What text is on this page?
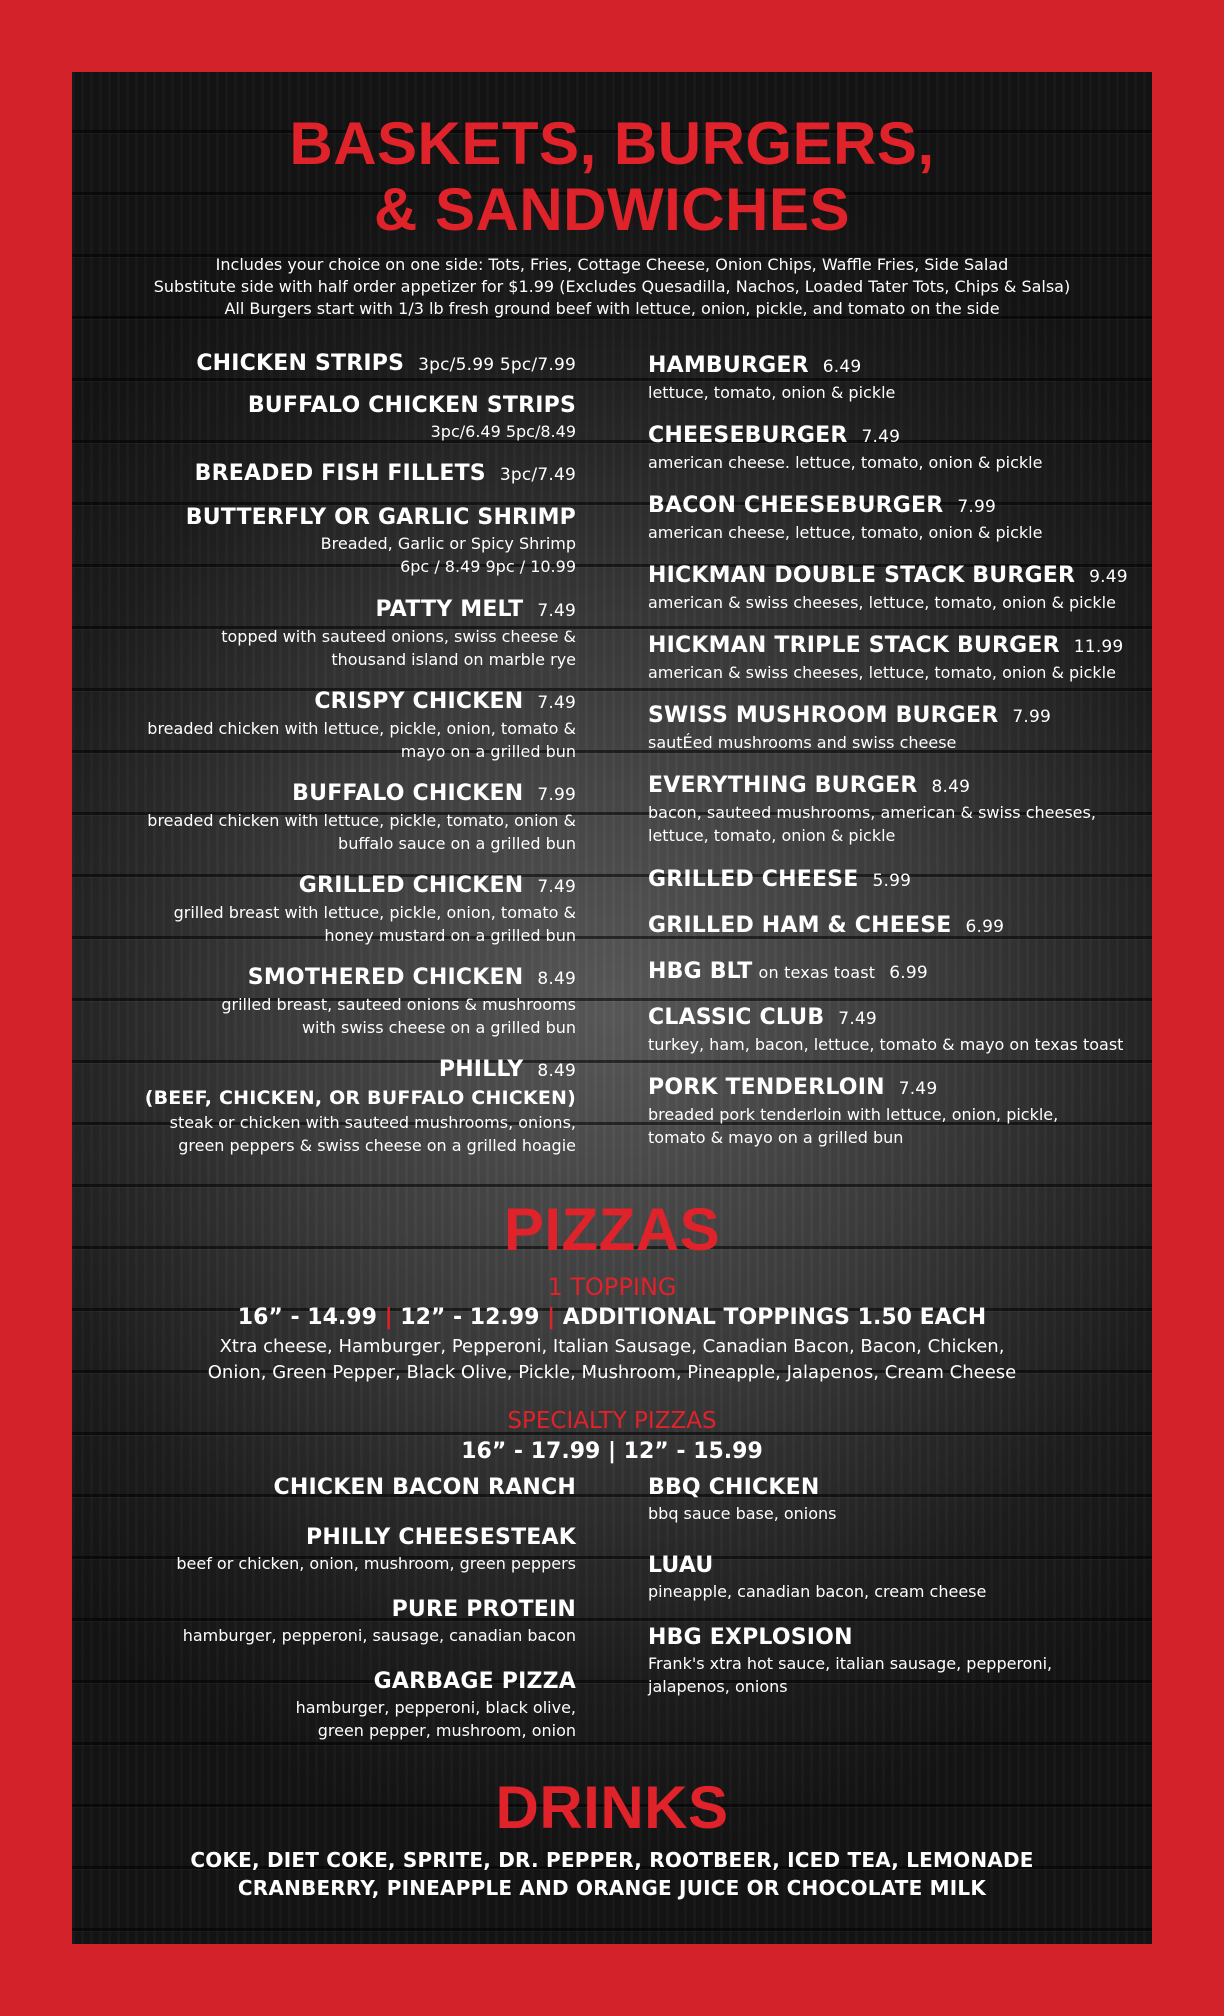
BASKETS, BURGERS,
& SANDWICHES
Includes your choice on one side: Tots, Fries, Cottage Cheese, Onion Chips, Waffle Fries, Side Salad
Substitute side with half order appetizer for $1.99 (Excludes Quesadilla, Nachos, Loaded Tater Tots, Chips & Salsa)
All Burgers start with 1/3 lb fresh ground beef with lettuce, onion, pickle, and tomato on the side
CHICKEN STRIPS 3pc/5.99 5pc/7.99
BUFFALO CHICKEN STRIPS
3pc/6.49 5pc/8.49
BREADED FISH FILLETS 3pc/7.49
BUTTERFLY OR GARLIC SHRIMP
Breaded, Garlic or Spicy Shrimp
6pc / 8.49 9pc / 10.99
PATTY MELT 7.49
topped with sauteed onions, swiss cheese &
thousand island on marble rye
CRISPY CHICKEN 7.49
breaded chicken with lettuce, pickle, onion, tomato &
mayo on a grilled bun
BUFFALO CHICKEN 7.99
breaded chicken with lettuce, pickle, tomato, onion &
buffalo sauce on a grilled bun
GRILLED CHICKEN 7.49
grilled breast with lettuce, pickle, onion, tomato &
honey mustard on a grilled bun
SMOTHERED CHICKEN 8.49
grilled breast, sauteed onions & mushrooms
with swiss cheese on a grilled bun
PHILLY 8.49
(BEEF, CHICKEN, OR BUFFALO CHICKEN)
steak or chicken with sauteed mushrooms, onions,
green peppers & swiss cheese on a grilled hoagie
HAMBURGER 6.49
lettuce, tomato, onion & pickle
CHEESEBURGER 7.49
american cheese. lettuce, tomato, onion & pickle
BACON CHEESEBURGER 7.99
american cheese, lettuce, tomato, onion & pickle
HICKMAN DOUBLE STACK BURGER 9.49
american & swiss cheeses, lettuce, tomato, onion & pickle
HICKMAN TRIPLE STACK BURGER 11.99
american & swiss cheeses, lettuce, tomato, onion & pickle
SWISS MUSHROOM BURGER 7.99
sautÉed mushrooms and swiss cheese
EVERYTHING BURGER 8.49
bacon, sauteed mushrooms, american & swiss cheeses,
lettuce, tomato, onion & pickle
GRILLED CHEESE 5.99
GRILLED HAM & CHEESE 6.99
HBG BLT on texas toast 6.99
CLASSIC CLUB 7.49
turkey, ham, bacon, lettuce, tomato & mayo on texas toast
PORK TENDERLOIN 7.49
breaded pork tenderloin with lettuce, onion, pickle,
tomato & mayo on a grilled bun
PIZZAS
1 TOPPING
16” - 14.99 | 12” - 12.99 | ADDITIONAL TOPPINGS 1.50 EACH
Xtra cheese, Hamburger, Pepperoni, Italian Sausage, Canadian Bacon, Bacon, Chicken,
Onion, Green Pepper, Black Olive, Pickle, Mushroom, Pineapple, Jalapenos, Cream Cheese
SPECIALTY PIZZAS
16” - 17.99 | 12” - 15.99
CHICKEN BACON RANCH
PHILLY CHEESESTEAK
beef or chicken, onion, mushroom, green peppers
PURE PROTEIN
hamburger, pepperoni, sausage, canadian bacon
GARBAGE PIZZA
hamburger, pepperoni, black olive,
green pepper, mushroom, onion
BBQ CHICKEN
bbq sauce base, onions
LUAU
pineapple, canadian bacon, cream cheese
HBG EXPLOSION
Frank's xtra hot sauce, italian sausage, pepperoni,
jalapenos, onions
DRINKS
COKE, DIET COKE, SPRITE, DR. PEPPER, ROOTBEER, ICED TEA, LEMONADE
CRANBERRY, PINEAPPLE AND ORANGE JUICE OR CHOCOLATE MILK
